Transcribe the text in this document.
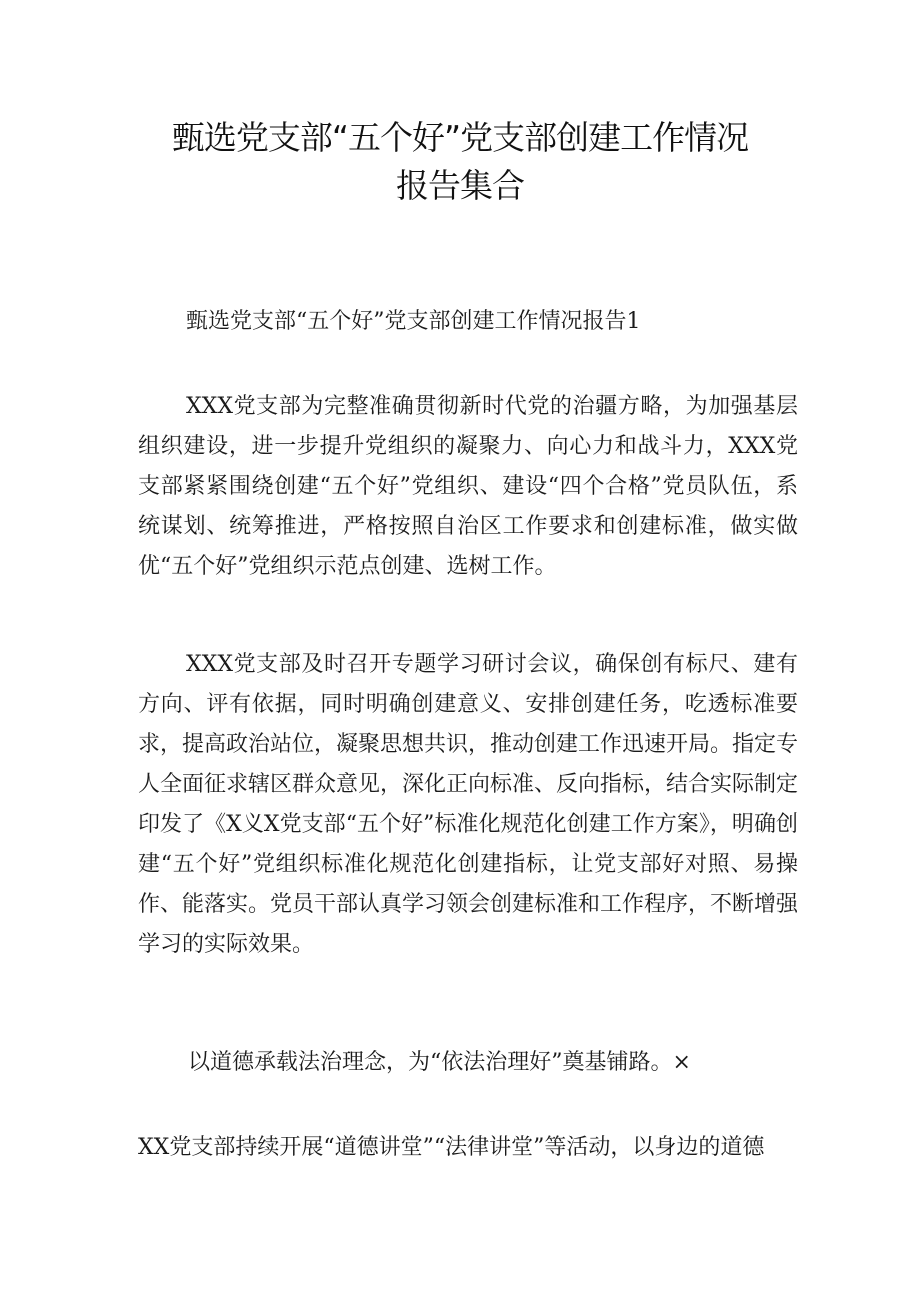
甄选党支部“五个好”党支部创建工作情况
报告集合
甄选党支部“五个好”党支部创建工作情况报告1
XXX党支部为完整准确贯彻新时代党的治疆方略，为加强基层组织建设，进一步提升党组织的凝聚力、向心力和战斗力，XXX党支部紧紧围绕创建“五个好”党组织、建设“四个合格”党员队伍，系统谋划、统筹推进，严格按照自治区工作要求和创建标准，做实做优“五个好”党组织示范点创建、选树工作。
XXX党支部及时召开专题学习研讨会议，确保创有标尺、建有方向、评有依据，同时明确创建意义、安排创建任务，吃透标准要求，提高政治站位，凝聚思想共识，推动创建工作迅速开局。指定专人全面征求辖区群众意见，深化正向标准、反向指标，结合实际制定印发了《X义X党支部“五个好”标准化规范化创建工作方案》，明确创建“五个好”党组织标准化规范化创建指标，让党支部好对照、易操作、能落实。党员干部认真学习领会创建标准和工作程序，不断增强学习的实际效果。
以道德承载法治理念，为“依法治理好”奠基铺路。×
XX党支部持续开展“道德讲堂”“法律讲堂”等活动，以身边的道德
